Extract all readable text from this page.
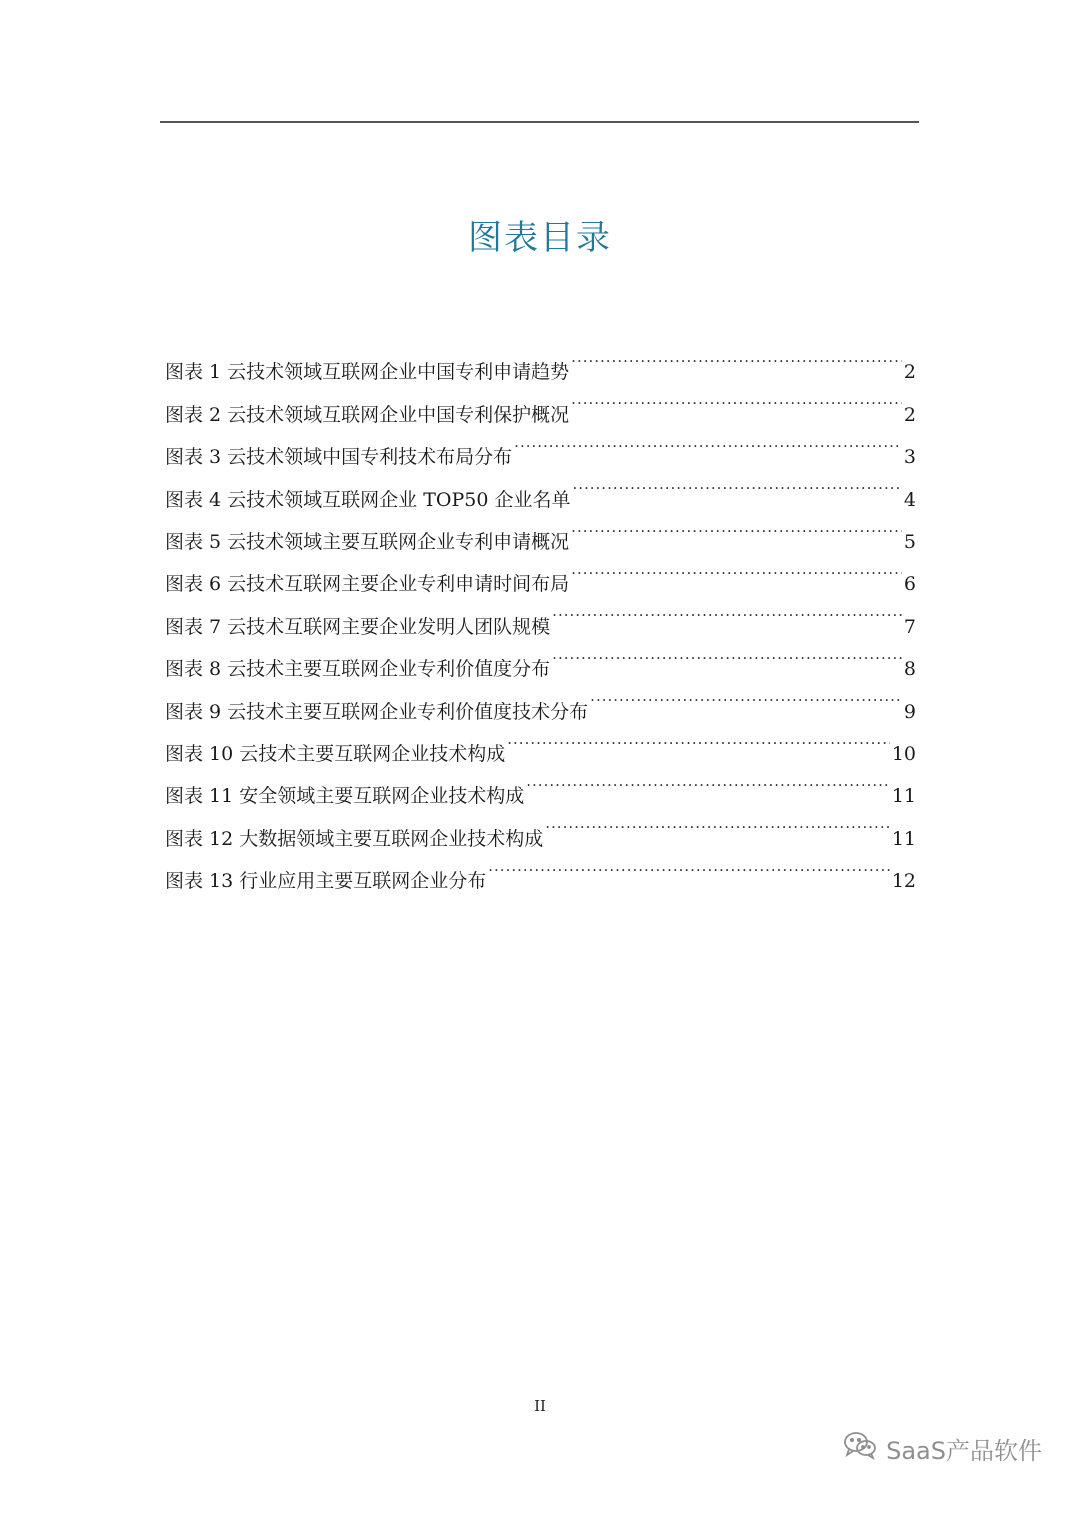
图表目录
图表 1 云技术领域互联网企业中国专利申请趋势 .....	2
图表 2 云技术领域互联网企业中国专利保护概况 .....	2
图表 3 云技术领域中国专利技术布局分布 .....	3
图表 4 云技术领域互联网企业 TOP50 企业名单 .....	4
图表 5 云技术领域主要互联网企业专利申请概况 .....	5
图表 6 云技术互联网主要企业专利申请时间布局 .....	6
图表 7 云技术互联网主要企业发明人团队规模 .....	7
图表 8 云技术主要互联网企业专利价值度分布 .....	8
图表 9 云技术主要互联网企业专利价值度技术分布 .....	9
图表 10 云技术主要互联网企业技术构成 .....	10
图表 11 安全领域主要互联网企业技术构成 .....	11
图表 12 大数据领域主要互联网企业技术构成 .....	11
图表 13 行业应用主要互联网企业分布 .....	12
II
SaaS产品软件
